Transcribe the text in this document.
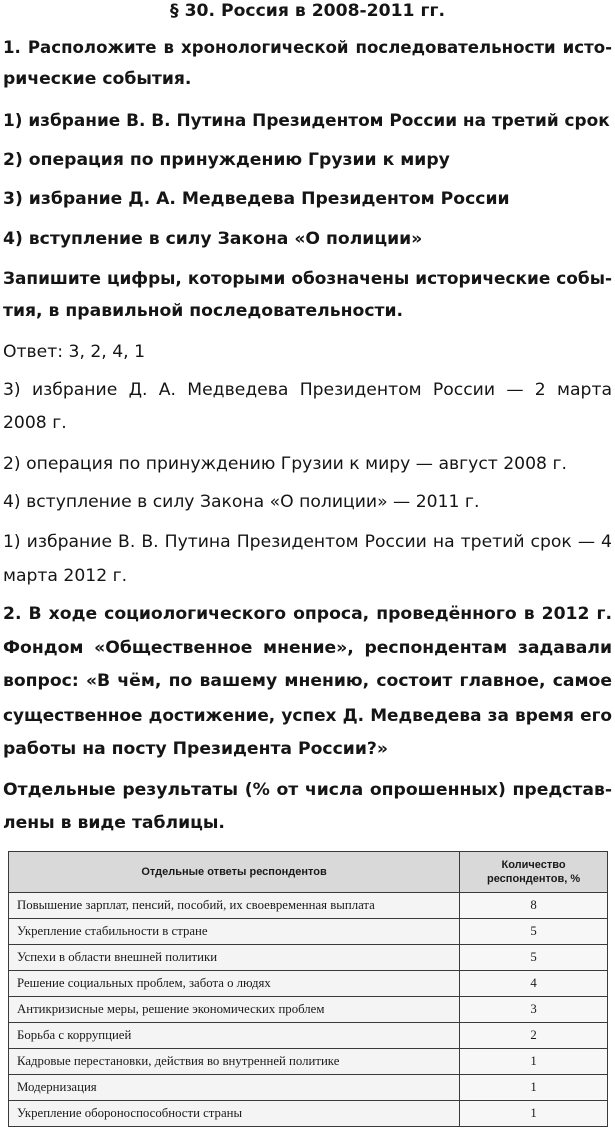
§ 30. Россия в 2008-2011 гг.
1. Расположите в хронологической последовательности исто-
рические события.
1) избрание В. В. Путина Президентом России на третий срок
2) операция по принуждению Грузии к миру
3) избрание Д. А. Медведева Президентом России
4) вступление в силу Закона «О полиции»
Запишите цифры, которыми обозначены исторические собы-
тия, в правильной последовательности.
Ответ: 3, 2, 4, 1
3) избрание Д. А. Медведева Президентом России — 2 марта
2008 г.
2) операция по принуждению Грузии к миру — август 2008 г.
4) вступление в силу Закона «О полиции» — 2011 г.
1) избрание В. В. Путина Президентом России на третий срок — 4
марта 2012 г.
2. В ходе социологического опроса, проведённого в 2012 г.
Фондом «Общественное мнение», респондентам задавали
вопрос: «В чём, по вашему мнению, состоит главное, самое
существенное достижение, успех Д. Медведева за время его
работы на посту Президента России?»
Отдельные результаты (% от числа опрошенных) представ-
лены в виде таблицы.
Отдельные ответы респондентов	Количество
респондентов, %
Повышение зарплат, пенсий, пособий, их своевременная выплата	8
Укрепление стабильности в стране	5
Успехи в области внешней политики	5
Решение социальных проблем, забота о людях	4
Антикризисные меры, решение экономических проблем	3
Борьба с коррупцией	2
Кадровые перестановки, действия во внутренней политике	1
Модернизация	1
Укрепление обороноспособности страны	1
